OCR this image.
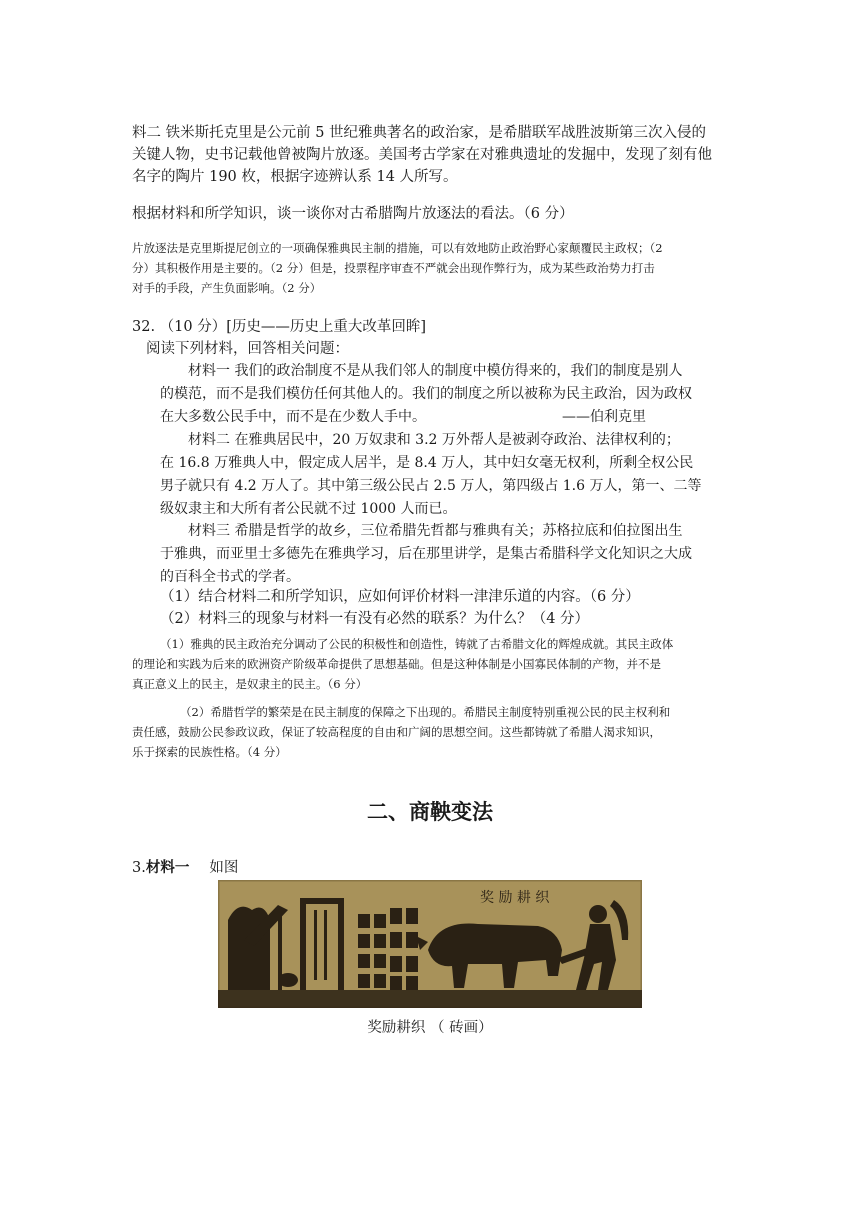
料二 铁米斯托克里是公元前 5 世纪雅典著名的政治家，是希腊联军战胜波斯第三次入侵的

关键人物，史书记载他曾被陶片放逐。美国考古学家在对雅典遗址的发掘中，发现了刻有他

名字的陶片 190 枚，根据字迹辨认系 14 人所写。

根据材料和所学知识，谈一谈你对古希腊陶片放逐法的看法。（6 分）

片放逐法是克里斯提尼创立的一项确保雅典民主制的措施，可以有效地防止政治野心家颠覆民主政权；（2

分）其积极作用是主要的。（2 分）但是，投票程序审查不严就会出现作弊行为，成为某些政治势力打击

对手的手段，产生负面影响。（2 分）

32. （10 分）[历史——历史上重大改革回眸]

阅读下列材料，回答相关问题：

材料一 我们的政治制度不是从我们邻人的制度中模仿得来的，我们的制度是别人

的模范，而不是我们模仿任何其他人的。我们的制度之所以被称为民主政治，因为政权

在大多数公民手中，而不是在少数人手中。	——伯利克里

材料二 在雅典居民中，20 万奴隶和 3.2 万外帮人是被剥夺政治、法律权利的；

在 16.8 万雅典人中，假定成人居半，是 8.4 万人，其中妇女毫无权利，所剩全权公民

男子就只有 4.2 万人了。其中第三级公民占 2.5 万人，第四级占 1.6 万人，第一、二等

级奴隶主和大所有者公民就不过 1000 人而已。

材料三 希腊是哲学的故乡，三位希腊先哲都与雅典有关；苏格拉底和伯拉图出生

于雅典，而亚里士多德先在雅典学习，后在那里讲学，是集古希腊科学文化知识之大成

的百科全书式的学者。

（1）结合材料二和所学知识，应如何评价材料一津津乐道的内容。（6 分）

（2）材料三的现象与材料一有没有必然的联系？为什么？（4 分）

（1）雅典的民主政治充分调动了公民的积极性和创造性，铸就了古希腊文化的辉煌成就。其民主政体

的理论和实践为后来的欧洲资产阶级革命提供了思想基础。但是这种体制是小国寡民体制的产物，并不是

真正意义上的民主，是奴隶主的民主。（6 分）

（2）希腊哲学的繁荣是在民主制度的保障之下出现的。希腊民主制度特别重视公民的民主权利和

责任感，鼓励公民参政议政，保证了较高程度的自由和广阔的思想空间。这些都铸就了希腊人渴求知识，

乐于探索的民族性格。（4 分）

二、商鞅变法
3.材料一 如图
奖 励 耕 织
奖励耕织 （ 砖画）
